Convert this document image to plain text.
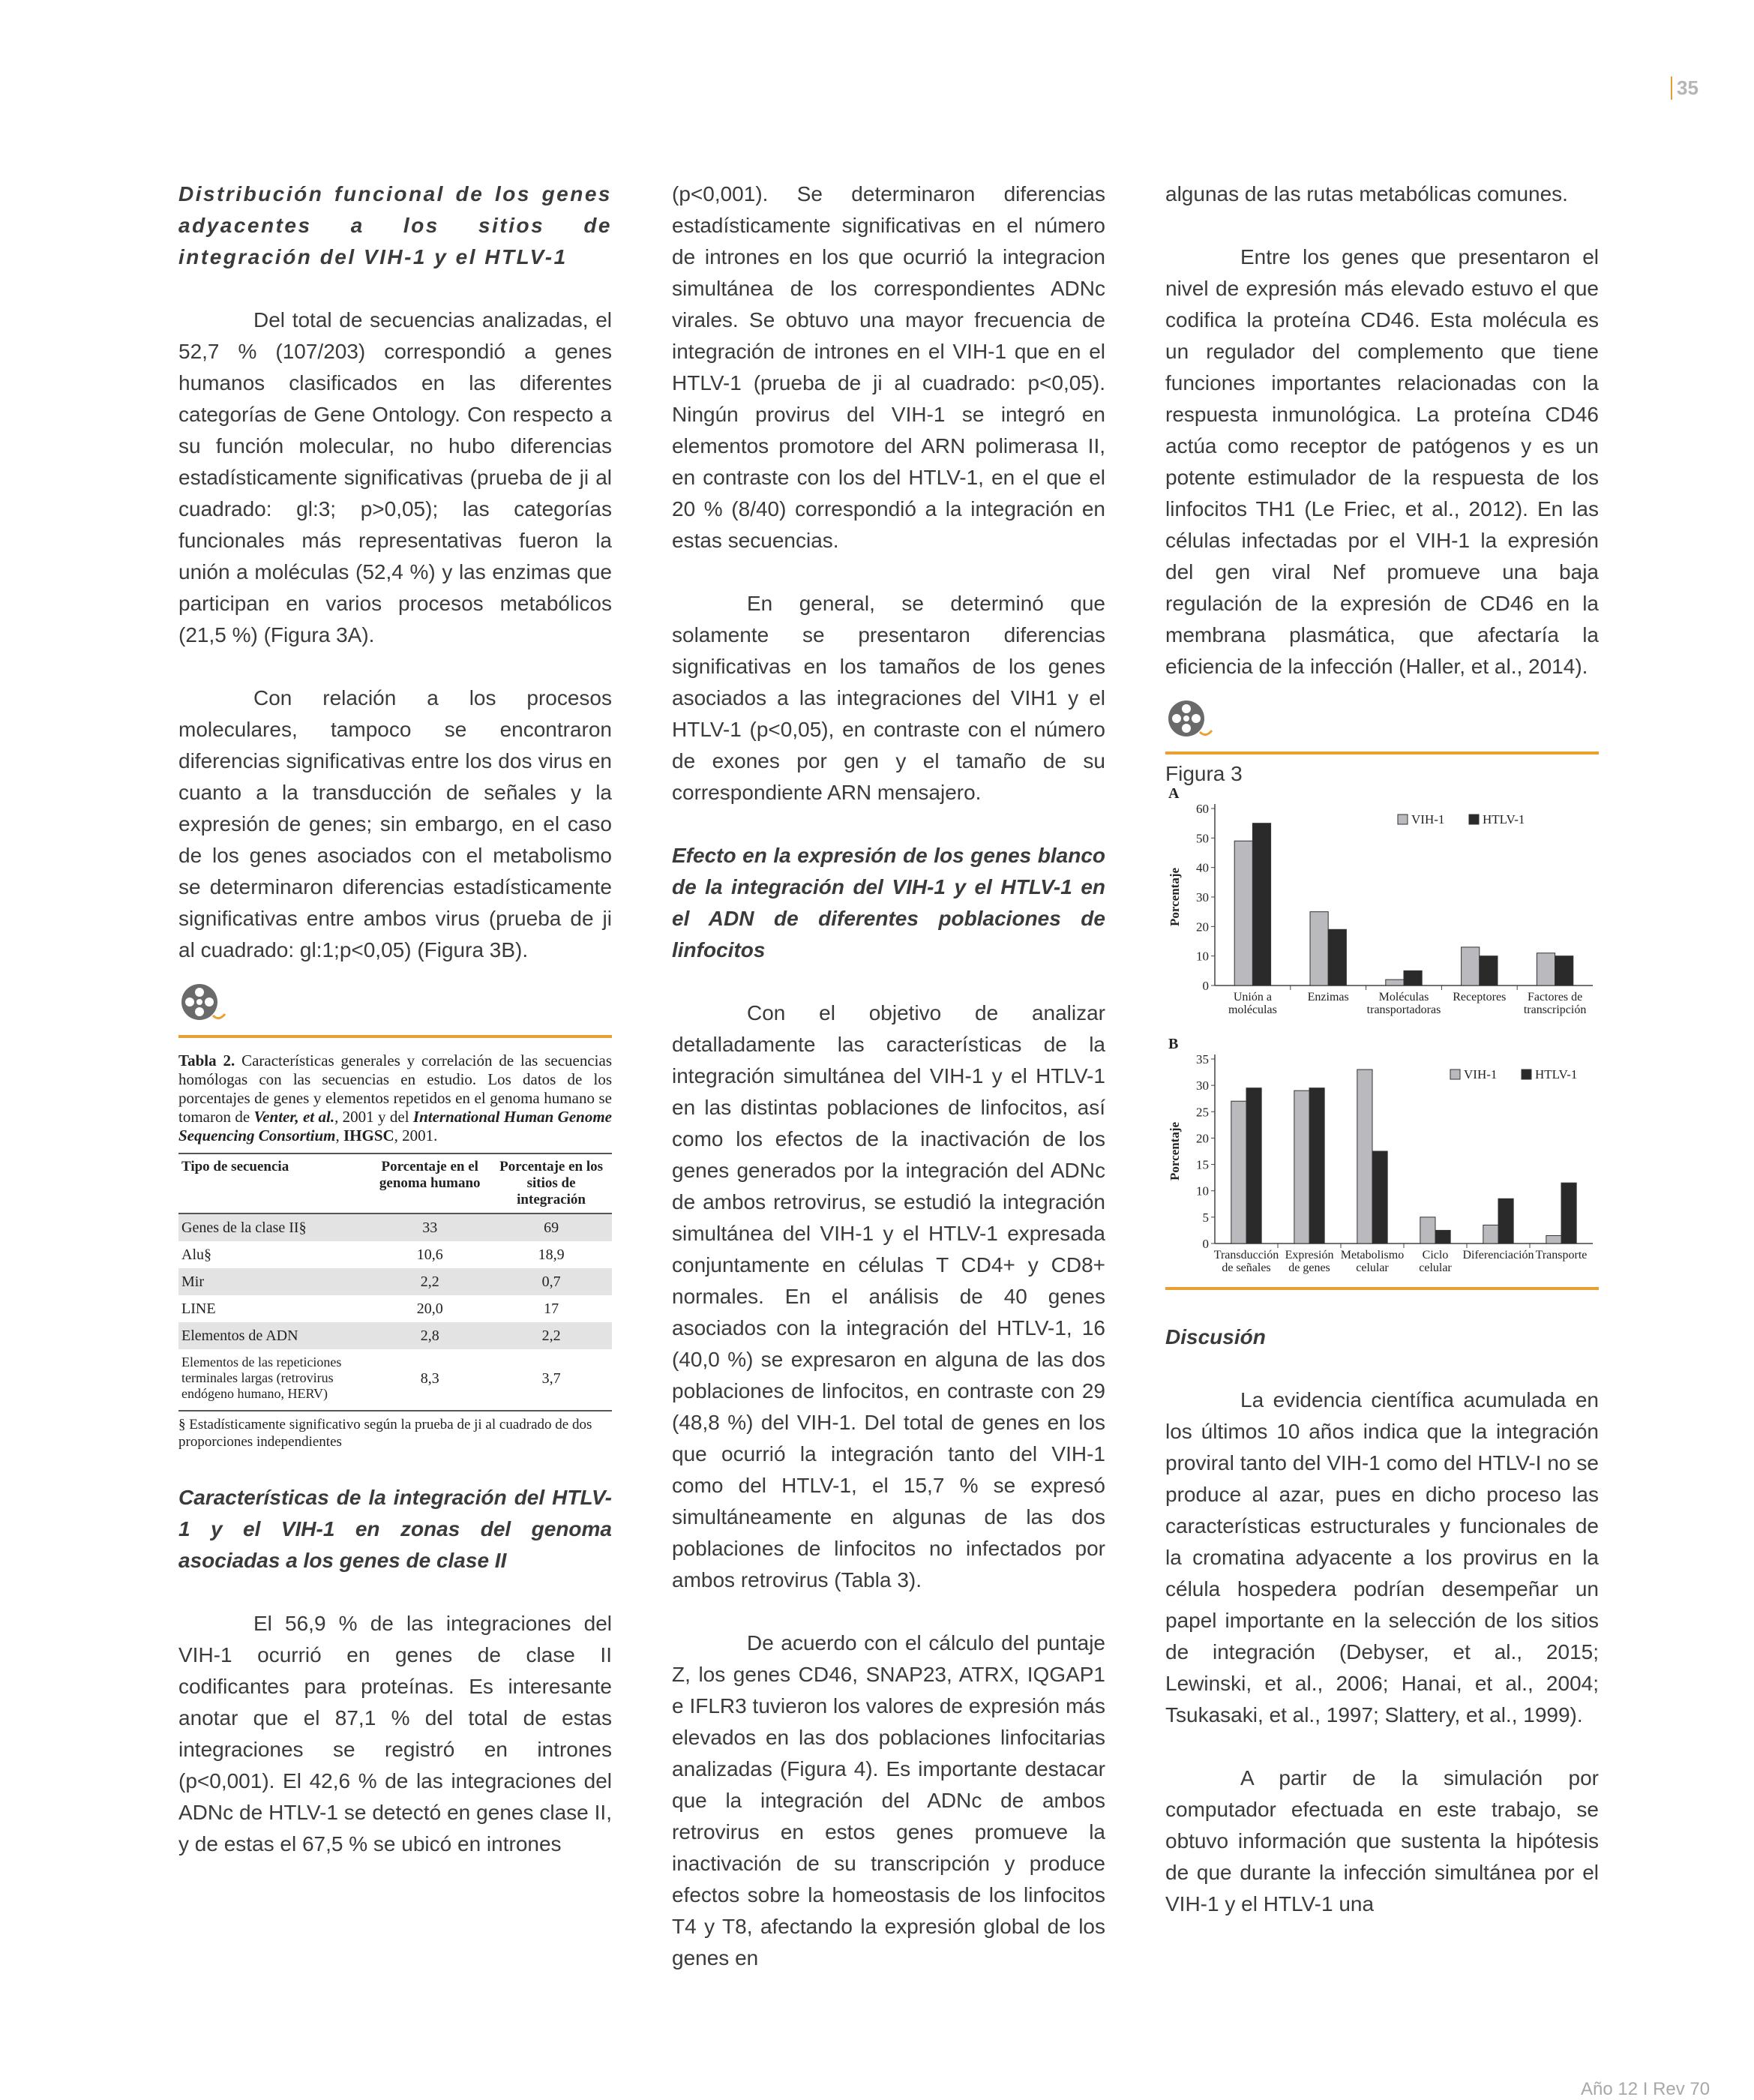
35

Distribución funcional de los genes adyacentes a los sitios de integración del VIH-1 y el HTLV-1

Del total de secuencias analizadas, el 52,7 % (107/203) correspondió a genes humanos clasificados en las diferentes categorías de Gene Ontology. Con respecto a su función molecular, no hubo diferencias estadísticamente significativas (prueba de ji al cuadrado: gl:3; p>0,05); las categorías funcionales más representativas fueron la unión a moléculas (52,4 %) y las enzimas que participan en varios procesos metabólicos (21,5 %) (Figura 3A).

Con relación a los procesos moleculares, tampoco se encontraron diferencias significativas entre los dos virus en cuanto a la transducción de señales y la expresión de genes; sin embargo, en el caso de los genes asociados con el metabolismo se determinaron diferencias estadísticamente significativas entre ambos virus (prueba de ji al cuadrado: gl:1;p<0,05) (Figura 3B).

Tabla 2. Características generales y correlación de las secuencias homólogas con las secuencias en estudio. Los datos de los porcentajes de genes y elementos repetidos en el genoma humano se tomaron de Venter, et al., 2001 y del International Human Genome Sequencing Consortium, IHGSC, 2001.
Tipo de secuencia	Porcentaje en el genoma humano	Porcentaje en los sitios de integración
Genes de la clase II§	33	69
Alu§	10,6	18,9
Mir	2,2	0,7
LINE	20,0	17
Elementos de ADN	2,8	2,2
Elementos de las repeticiones terminales largas (retrovirus endógeno humano, HERV)	8,3	3,7
§ Estadísticamente significativo según la prueba de ji al cuadrado de dos proporciones independientes

Características de la integración del HTLV-1 y el VIH-1 en zonas del genoma asociadas a los genes de clase II

El 56,9 % de las integraciones del VIH-1 ocurrió en genes de clase II codificantes para proteínas. Es interesante anotar que el 87,1 % del total de estas integraciones se registró en intrones (p<0,001). El 42,6 % de las integraciones del ADNc de HTLV-1 se detectó en genes clase II, y de estas el 67,5 % se ubicó en intrones

(p<0,001). Se determinaron diferencias estadísticamente significativas en el número de intrones en los que ocurrió la integracion simultánea de los correspondientes ADNc virales. Se obtuvo una mayor frecuencia de integración de intrones en el VIH-1 que en el HTLV-1 (prueba de ji al cuadrado: p<0,05). Ningún provirus del VIH-1 se integró en elementos promotore del ARN polimerasa II, en contraste con los del HTLV-1, en el que el 20 % (8/40) correspondió a la integración en estas secuencias.

En general, se determinó que solamente se presentaron diferencias significativas en los tamaños de los genes asociados a las integraciones del VIH1 y el HTLV-1 (p<0,05), en contraste con el número de exones por gen y el tamaño de su correspondiente ARN mensajero.

Efecto en la expresión de los genes blanco de la integración del VIH-1 y el HTLV-1 en el ADN de diferentes poblaciones de linfocitos

Con el objetivo de analizar detalladamente las características de la integración simultánea del VIH-1 y el HTLV-1 en las distintas poblaciones de linfocitos, así como los efectos de la inactivación de los genes generados por la integración del ADNc de ambos retrovirus, se estudió la integración simultánea del VIH-1 y el HTLV-1 expresada conjuntamente en células T CD4+ y CD8+ normales. En el análisis de 40 genes asociados con la integración del HTLV-1, 16 (40,0 %) se expresaron en alguna de las dos poblaciones de linfocitos, en contraste con 29 (48,8 %) del VIH-1. Del total de genes en los que ocurrió la integración tanto del VIH-1 como del HTLV-1, el 15,7 % se expresó simultáneamente en algunas de las dos poblaciones de linfocitos no infectados por ambos retrovirus (Tabla 3).

De acuerdo con el cálculo del puntaje Z, los genes CD46, SNAP23, ATRX, IQGAP1 e IFLR3 tuvieron los valores de expresión más elevados en las dos poblaciones linfocitarias analizadas (Figura 4). Es importante destacar que la integración del ADNc de ambos retrovirus en estos genes promueve la inactivación de su transcripción y produce efectos sobre la homeostasis de los linfocitos T4 y T8, afectando la expresión global de los genes en

algunas de las rutas metabólicas comunes.

Entre los genes que presentaron el nivel de expresión más elevado estuvo el que codifica la proteína CD46. Esta molécula es un regulador del complemento que tiene funciones importantes relacionadas con la respuesta inmunológica. La proteína CD46 actúa como receptor de patógenos y es un potente estimulador de la respuesta de los linfocitos TH1 (Le Friec, et al., 2012). En las células infectadas por el VIH-1 la expresión del gen viral Nef promueve una baja regulación de la expresión de CD46 en la membrana plasmática, que afectaría la eficiencia de la infección (Haller, et al., 2014).

Figura 3
A
Porcentaje
0
10
20
30
40
50
60
Unión a
moléculas
Enzimas Moléculas
transportadoras
Receptores Factores de
transcripción
VIH-1	HTLV-1
B
Porcentaje
0
5
10
15
20
25
30
35
Transducción
de señales
Expresión
de genes
Metabolismo
celular
Ciclo
celular
Diferenciación Transporte
VIH-1	HTLV-1

Discusión

La evidencia científica acumulada en los últimos 10 años indica que la integración proviral tanto del VIH-1 como del HTLV-I no se produce al azar, pues en dicho proceso las características estructurales y funcionales de la cromatina adyacente a los provirus en la célula hospedera podrían desempeñar un papel importante en la selección de los sitios de integración (Debyser, et al., 2015; Lewinski, et al., 2006; Hanai, et al., 2004; Tsukasaki, et al., 1997; Slattery, et al., 1999).

A partir de la simulación por computador efectuada en este trabajo, se obtuvo información que sustenta la hipótesis de que durante la infección simultánea por el VIH-1 y el HTLV-1 una

Año 12 I Rev 70
